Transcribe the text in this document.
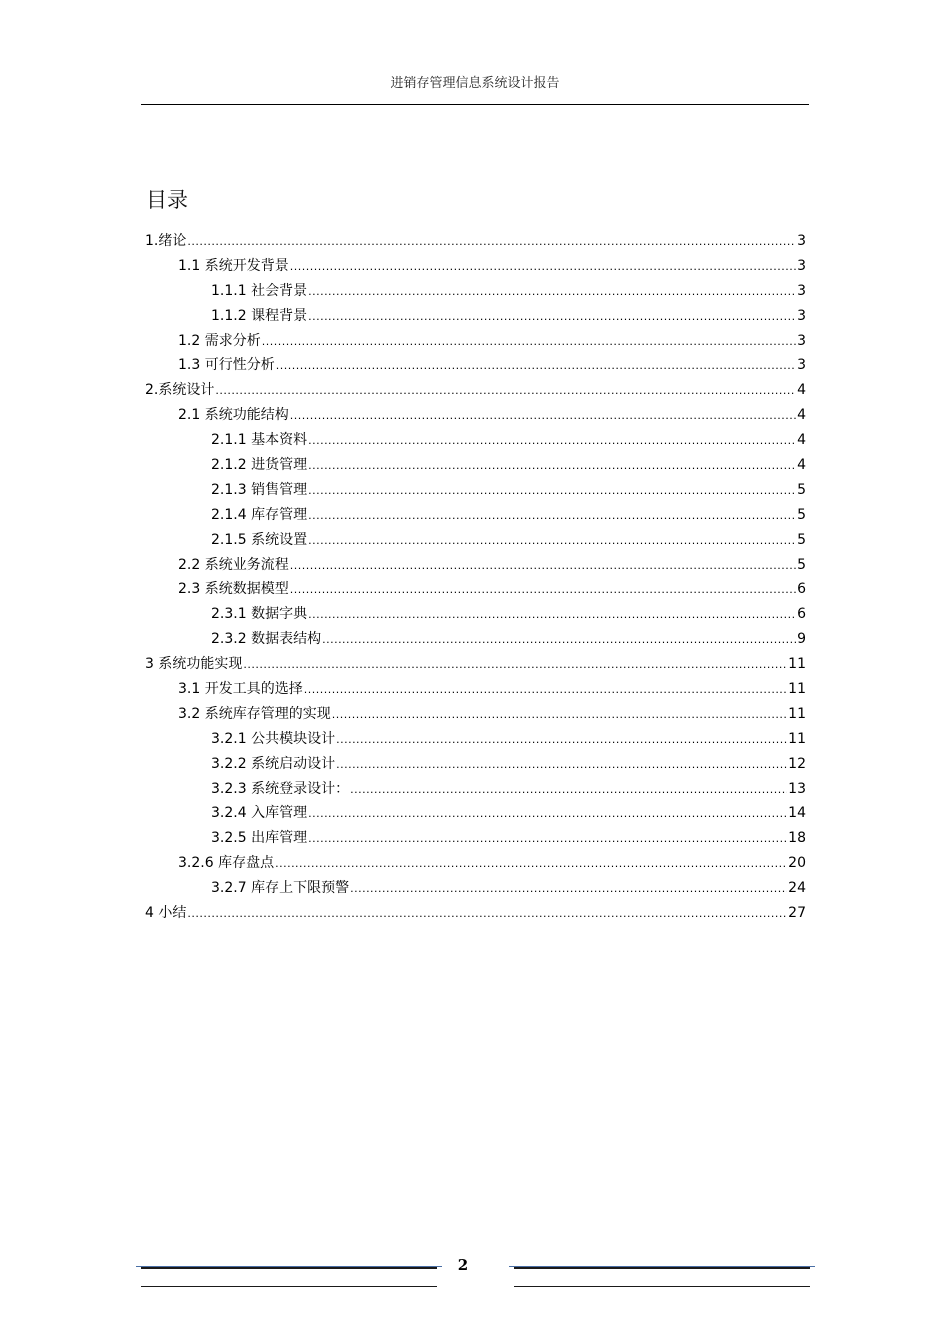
进销存管理信息系统设计报告
目录
1.绪论 .....	3
1.1 系统开发背景 .....	3
1.1.1 社会背景 .....	3
1.1.2 课程背景 .....	3
1.2 需求分析 .....	3
1.3 可行性分析 .....	3
2.系统设计 .....	4
2.1 系统功能结构 .....	4
2.1.1 基本资料 .....	4
2.1.2 进货管理 .....	4
2.1.3 销售管理 .....	5
2.1.4 库存管理 .....	5
2.1.5 系统设置 .....	5
2.2 系统业务流程 .....	5
2.3 系统数据模型 .....	6
2.3.1 数据字典 .....	6
2.3.2 数据表结构 .....	9
3 系统功能实现 .....	11
3.1 开发工具的选择 .....	11
3.2 系统库存管理的实现 .....	11
3.2.1 公共模块设计 .....	11
3.2.2 系统启动设计 .....	12
3.2.3 系统登录设计： .....	13
3.2.4 入库管理 .....	14
3.2.5 出库管理 .....	18
3.2.6 库存盘点 .....	20
3.2.7 库存上下限预警 .....	24
4 小结 .....	27
2
